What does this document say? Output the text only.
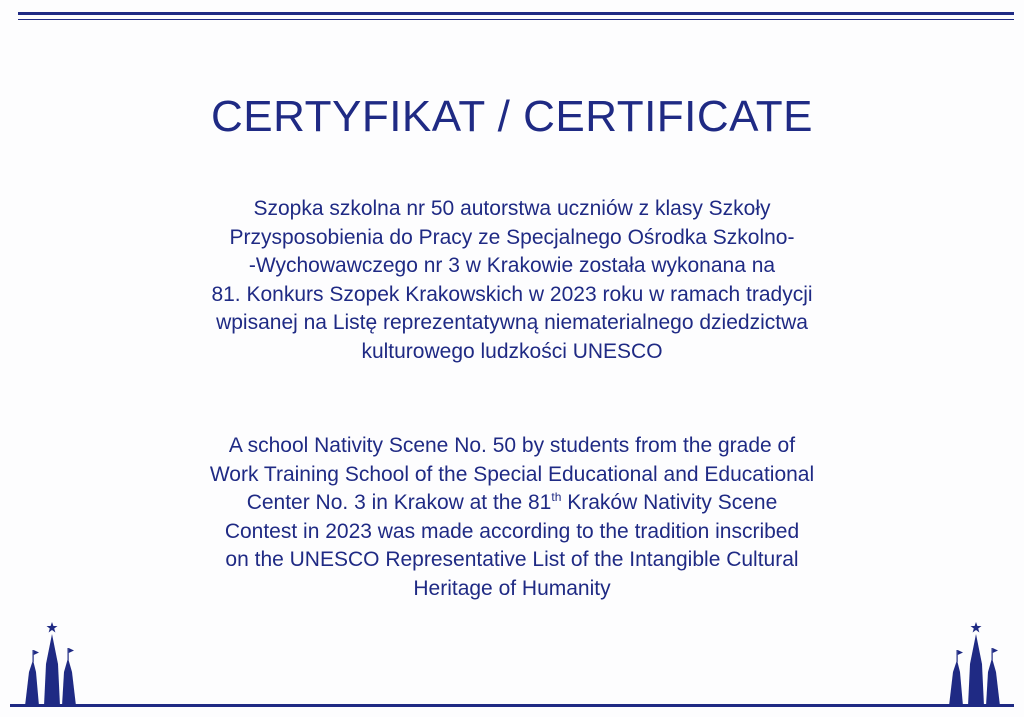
CERTYFIKAT / CERTIFICATE
Szopka szkolna nr 50 autorstwa uczniów z klasy Szkoły
Przysposobienia do Pracy ze Specjalnego Ośrodka Szkolno-
-Wychowawczego nr 3 w Krakowie została wykonana na
81. Konkurs Szopek Krakowskich w 2023 roku w ramach tradycji
wpisanej na Listę reprezentatywną niematerialnego dziedzictwa
kulturowego ludzkości UNESCO
A school Nativity Scene No. 50 by students from the grade of
Work Training School of the Special Educational and Educational
Center No. 3 in Krakow at the 81th Kraków Nativity Scene
Contest in 2023 was made according to the tradition inscribed
on the UNESCO Representative List of the Intangible Cultural
Heritage of Humanity
